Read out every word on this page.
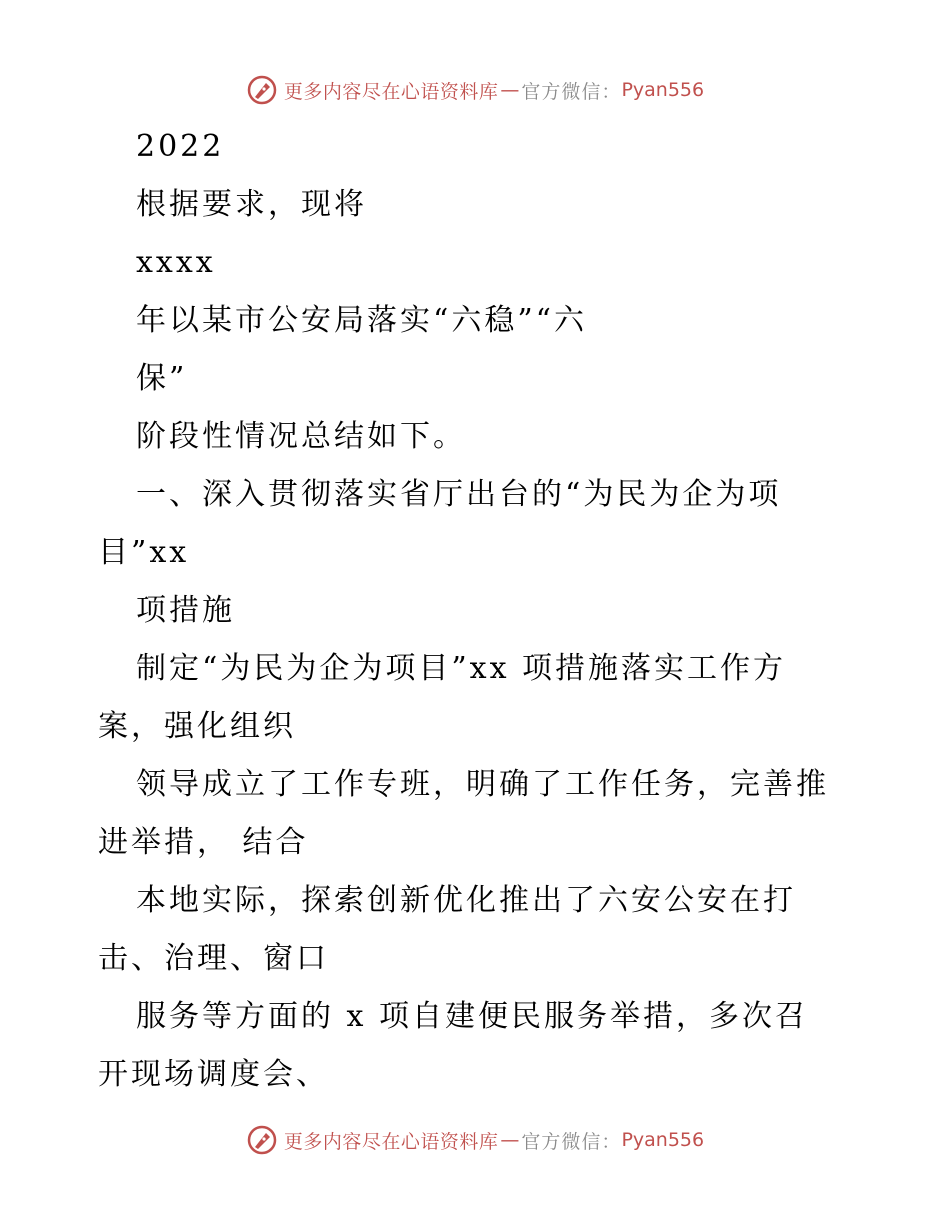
更多内容尽在心语资料库 — 官方微信： Pyan556
2022
根据要求，现将
xxxx
年以某市公安局落实“六稳”“六
保”
阶段性情况总结如下。
一、深入贯彻落实省厅出台的“为民为企为项
目”xx
项措施
制定“为民为企为项目”xx 项措施落实工作方
案，强化组织
领导成立了工作专班，明确了工作任务，完善推
进举措， 结合
本地实际，探索创新优化推出了六安公安在打
击、治理、窗口
服务等方面的 x 项自建便民服务举措，多次召
开现场调度会、
更多内容尽在心语资料库 — 官方微信： Pyan556
